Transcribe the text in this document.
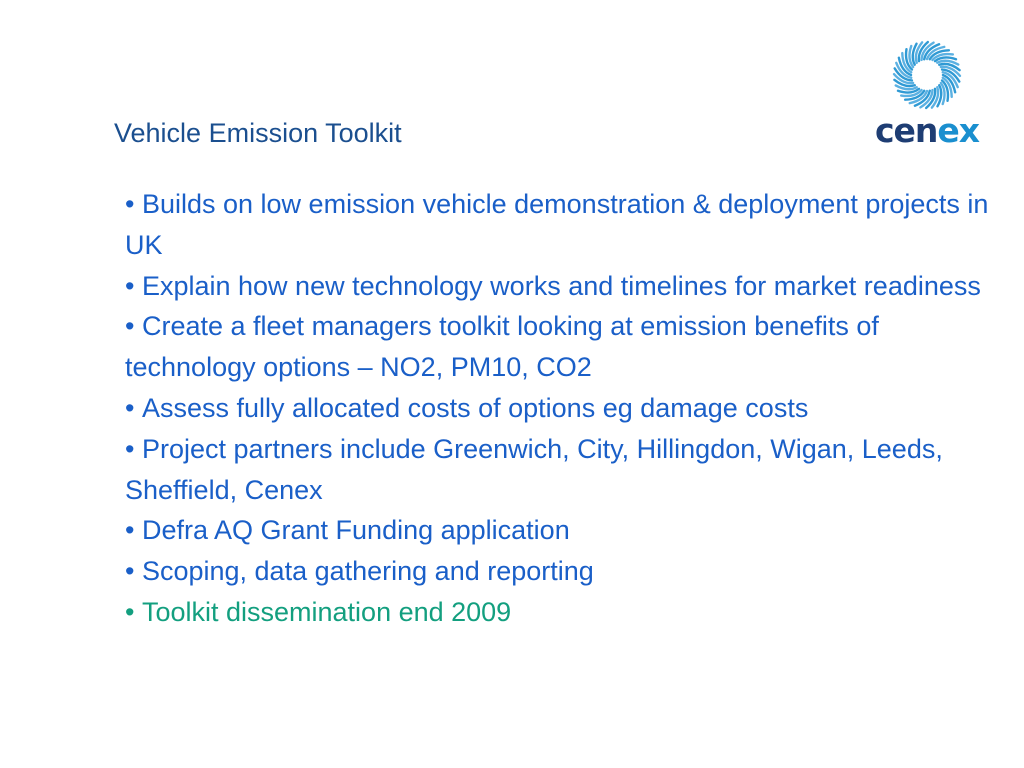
Vehicle Emission Toolkit	cenex
• Builds on low emission vehicle demonstration & deployment projects in UK
• Explain how new technology works and timelines for market readiness
• Create a fleet managers toolkit looking at emission benefits of technology options – NO2, PM10, CO2
• Assess fully allocated costs of options eg damage costs
• Project partners include Greenwich, City, Hillingdon, Wigan, Leeds, Sheffield, Cenex
• Defra AQ Grant Funding application
• Scoping, data gathering and reporting
• Toolkit dissemination end 2009
